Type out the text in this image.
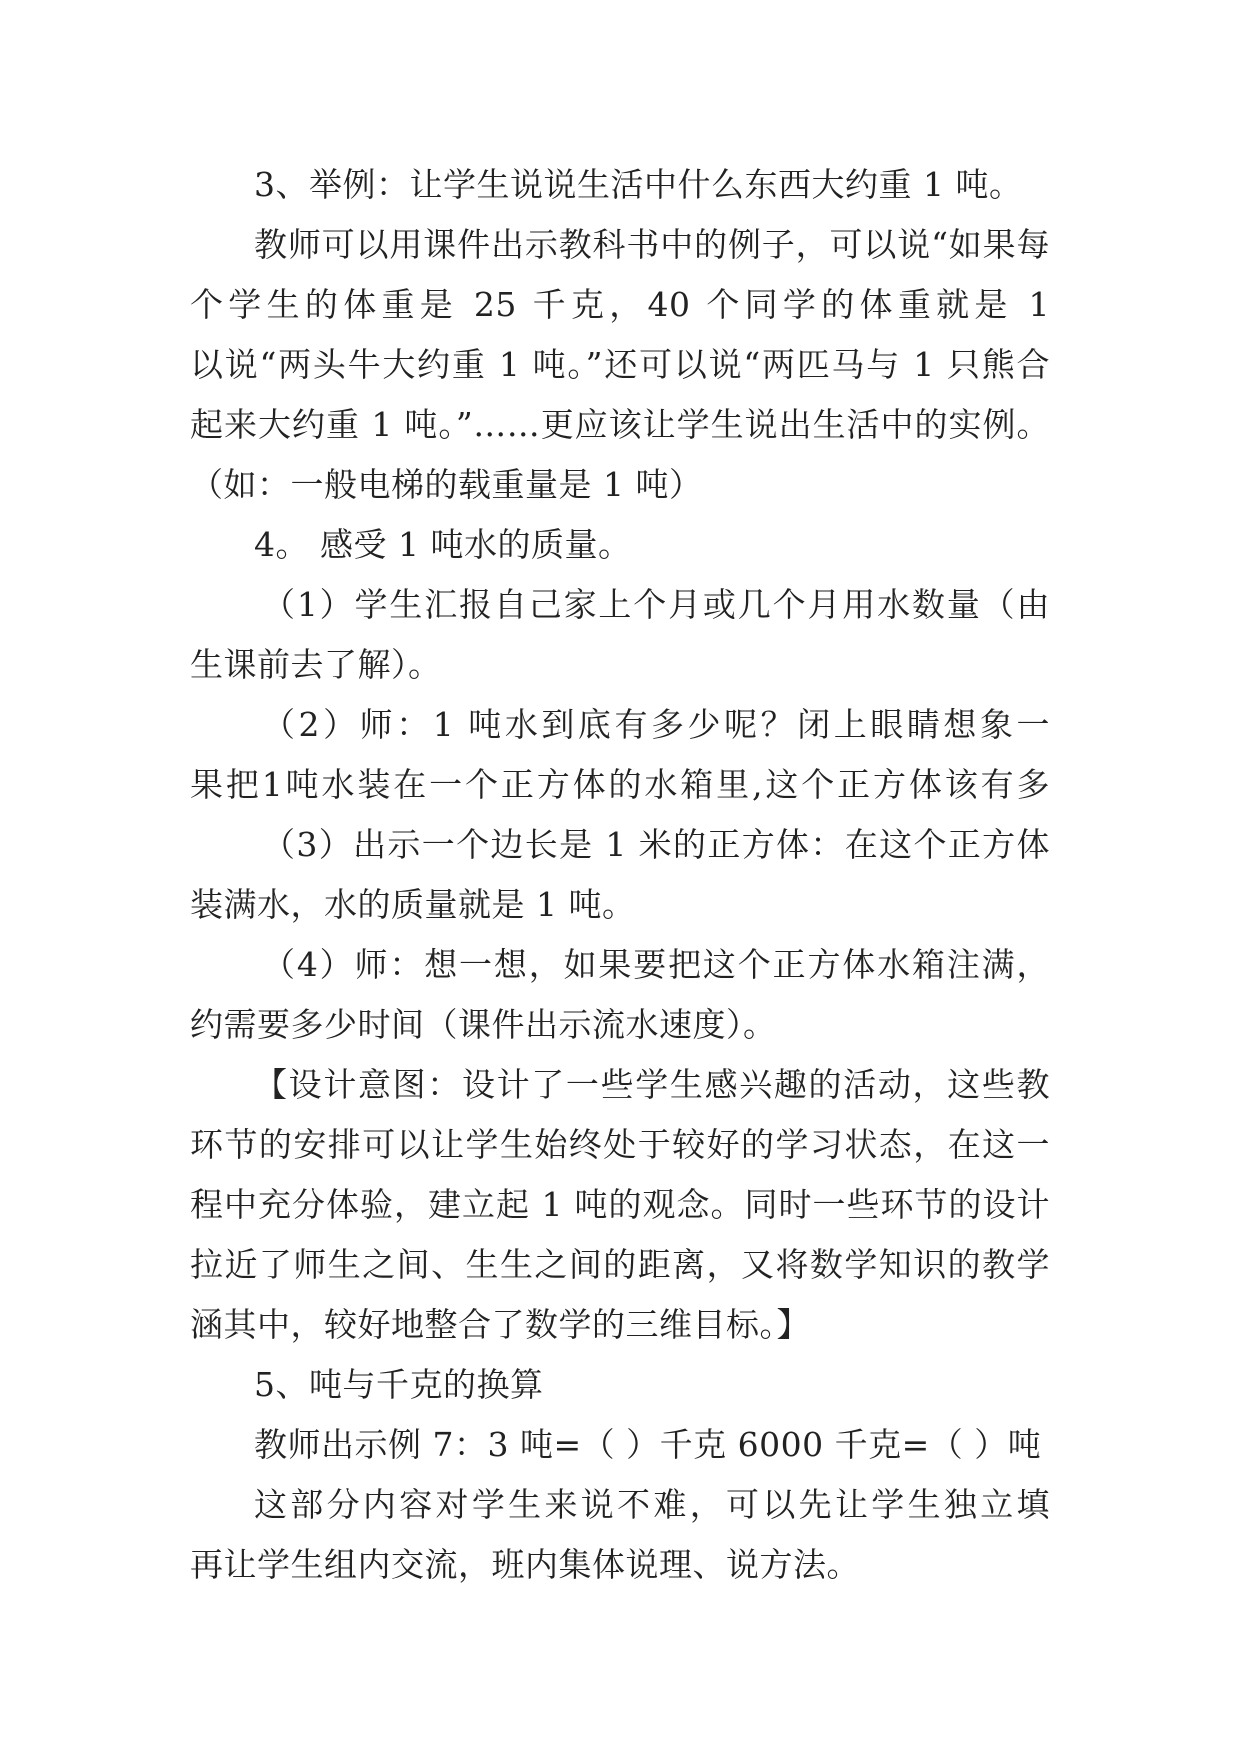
3、举例：让学生说说生活中什么东西大约重 1 吨。
教师可以用课件出示教科书中的例子，可以说“如果每
个学生的体重是 25 千克，40 个同学的体重就是 1
以说“两头牛大约重 1 吨。”还可以说“两匹马与 1 只熊合
起来大约重 1 吨。”……更应该让学生说出生活中的实例。
（如：一般电梯的载重量是 1 吨）
4。 感受 1 吨水的质量。
（1）学生汇报自己家上个月或几个月用水数量（由
生课前去了解）。
（2）师：1 吨水到底有多少呢？闭上眼睛想象一
果把1吨水装在一个正方体的水箱里,这个正方体该有多
（3）出示一个边长是 1 米的正方体：在这个正方体
装满水，水的质量就是 1 吨。
（4）师：想一想，如果要把这个正方体水箱注满，
约需要多少时间（课件出示流水速度）。
【设计意图：设计了一些学生感兴趣的活动，这些教
环节的安排可以让学生始终处于较好的学习状态，在这一
程中充分体验，建立起 1 吨的观念。同时一些环节的设计
拉近了师生之间、生生之间的距离，又将数学知识的教学
涵其中，较好地整合了数学的三维目标。】
5、吨与千克的换算
教师出示例 7：3 吨=（ ）千克 6000 千克=（ ）吨
这部分内容对学生来说不难，可以先让学生独立填
再让学生组内交流，班内集体说理、说方法。
